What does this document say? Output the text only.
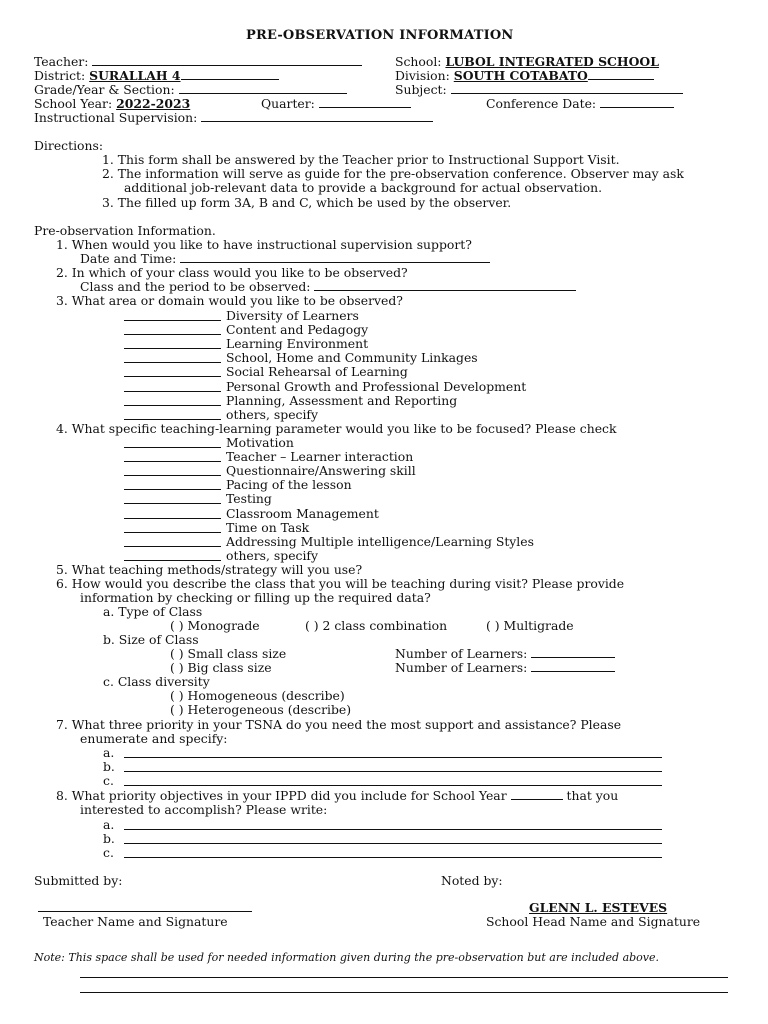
PRE-OBSERVATION INFORMATION
Teacher:	School: LUBOL INTEGRATED SCHOOL
District: SURALLAH 4	Division: SOUTH COTABATO
Grade/Year & Section:	Subject:
School Year: 2022-2023	Quarter:	Conference Date:
Instructional Supervision:
Directions:
1. This form shall be answered by the Teacher prior to Instructional Support Visit.
2. The information will serve as guide for the pre-observation conference. Observer may ask
additional job-relevant data to provide a background for actual observation.
3. The filled up form 3A, B and C, which be used by the observer.
Pre-observation Information.
1. When would you like to have instructional supervision support?
Date and Time:
2. In which of your class would you like to be observed?
Class and the period to be observed:
3. What area or domain would you like to be observed?
Diversity of Learners
Content and Pedagogy
Learning Environment
School, Home and Community Linkages
Social Rehearsal of Learning
Personal Growth and Professional Development
Planning, Assessment and Reporting
others, specify
4. What specific teaching-learning parameter would you like to be focused? Please check
Motivation
Teacher – Learner interaction
Questionnaire/Answering skill
Pacing of the lesson
Testing
Classroom Management
Time on Task
Addressing Multiple intelligence/Learning Styles
others, specify
5. What teaching methods/strategy will you use?
6. How would you describe the class that you will be teaching during visit? Please provide
information by checking or filling up the required data?
a. Type of Class
( ) Monograde	( ) 2 class combination	( ) Multigrade
b. Size of Class
( ) Small class size	Number of Learners:
( ) Big class size	Number of Learners:
c. Class diversity
( ) Homogeneous (describe)
( ) Heterogeneous (describe)
7. What three priority in your TSNA do you need the most support and assistance? Please
enumerate and specify:
a.
b.
c.
8. What priority objectives in your IPPD did you include for School Year	that you
interested to accomplish? Please write:
a.
b.
c.
Submitted by:	Noted by:
GLENN L. ESTEVES
Teacher Name and Signature	School Head Name and Signature
Note: This space shall be used for needed information given during the pre-observation but are included above.
